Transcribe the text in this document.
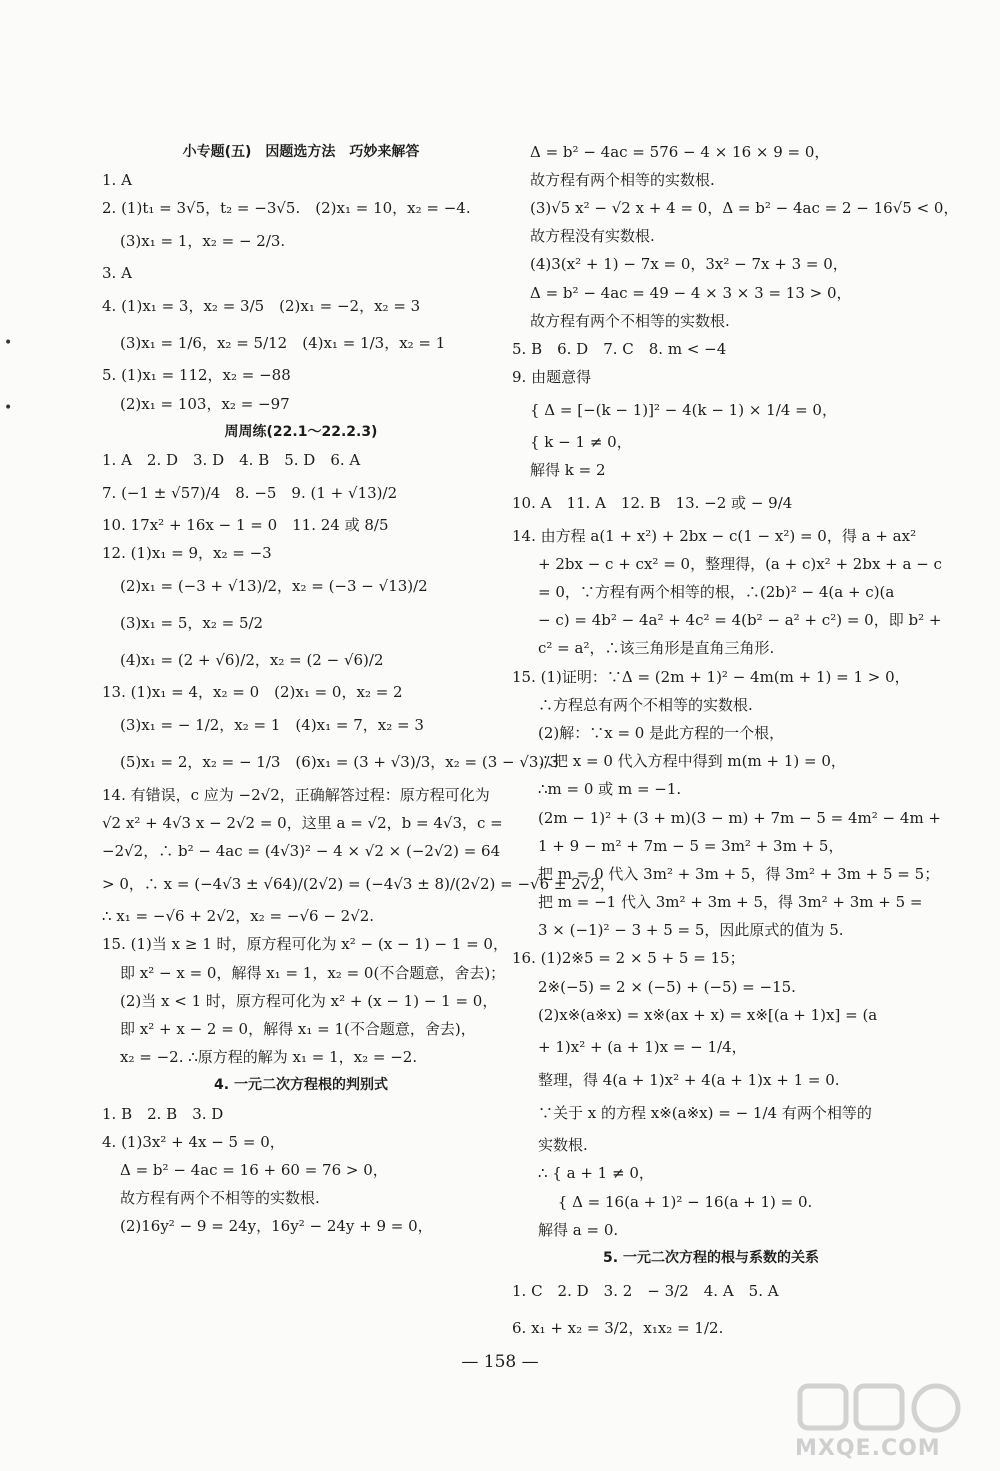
小专题(五)　因题选方法　巧妙来解答
1. A
2. (1)t₁ = 3√5，t₂ = −3√5.　(2)x₁ = 10，x₂ = −4.
(3)x₁ = 1，x₂ = − 2/3.
3. A
4. (1)x₁ = 3，x₂ = 3/5　(2)x₁ = −2，x₂ = 3
(3)x₁ = 1/6，x₂ = 5/12　(4)x₁ = 1/3，x₂ = 1
5. (1)x₁ = 112，x₂ = −88
(2)x₁ = 103，x₂ = −97
周周练(22.1～22.2.3)
1. A　2. D　3. D　4. B　5. D　6. A
7. (−1 ± √57)/4　8. −5　9. (1 + √13)/2
10. 17x² + 16x − 1 = 0　11. 24 或 8/5
12. (1)x₁ = 9，x₂ = −3
(2)x₁ = (−3 + √13)/2，x₂ = (−3 − √13)/2
(3)x₁ = 5，x₂ = 5/2
(4)x₁ = (2 + √6)/2，x₂ = (2 − √6)/2
13. (1)x₁ = 4，x₂ = 0　(2)x₁ = 0，x₂ = 2
(3)x₁ = − 1/2，x₂ = 1　(4)x₁ = 7，x₂ = 3
(5)x₁ = 2，x₂ = − 1/3　(6)x₁ = (3 + √3)/3，x₂ = (3 − √3)/3
14. 有错误，c 应为 −2√2，正确解答过程：原方程可化为
√2 x² + 4√3 x − 2√2 = 0，这里 a = √2，b = 4√3，c =
−2√2，∴ b² − 4ac = (4√3)² − 4 × √2 × (−2√2) = 64
> 0，∴ x = (−4√3 ± √64)/(2√2) = (−4√3 ± 8)/(2√2) = −√6 ± 2√2，
∴ x₁ = −√6 + 2√2，x₂ = −√6 − 2√2.
15. (1)当 x ≥ 1 时，原方程可化为 x² − (x − 1) − 1 = 0，
即 x² − x = 0，解得 x₁ = 1，x₂ = 0(不合题意，舍去)；
(2)当 x < 1 时，原方程可化为 x² + (x − 1) − 1 = 0，
即 x² + x − 2 = 0，解得 x₁ = 1(不合题意，舍去)，
x₂ = −2. ∴原方程的解为 x₁ = 1，x₂ = −2.
4. 一元二次方程根的判别式
1. B　2. B　3. D
4. (1)3x² + 4x − 5 = 0，
Δ = b² − 4ac = 16 + 60 = 76 > 0，
故方程有两个不相等的实数根.
(2)16y² − 9 = 24y，16y² − 24y + 9 = 0，
Δ = b² − 4ac = 576 − 4 × 16 × 9 = 0，
故方程有两个相等的实数根.
(3)√5 x² − √2 x + 4 = 0，Δ = b² − 4ac = 2 − 16√5 < 0，
故方程没有实数根.
(4)3(x² + 1) − 7x = 0，3x² − 7x + 3 = 0，
Δ = b² − 4ac = 49 − 4 × 3 × 3 = 13 > 0，
故方程有两个不相等的实数根.
5. B　6. D　7. C　8. m < −4
9. 由题意得
{ Δ = [−(k − 1)]² − 4(k − 1) × 1/4 = 0，
{ k − 1 ≠ 0，
解得 k = 2
10. A　11. A　12. B　13. −2 或 − 9/4
14. 由方程 a(1 + x²) + 2bx − c(1 − x²) = 0，得 a + ax²
+ 2bx − c + cx² = 0，整理得，(a + c)x² + 2bx + a − c
= 0，∵方程有两个相等的根，∴(2b)² − 4(a + c)(a
− c) = 4b² − 4a² + 4c² = 4(b² − a² + c²) = 0，即 b² +
c² = a²，∴该三角形是直角三角形.
15. (1)证明：∵Δ = (2m + 1)² − 4m(m + 1) = 1 > 0，
∴方程总有两个不相等的实数根.
(2)解：∵x = 0 是此方程的一个根，
∴把 x = 0 代入方程中得到 m(m + 1) = 0，
∴m = 0 或 m = −1.
(2m − 1)² + (3 + m)(3 − m) + 7m − 5 = 4m² − 4m +
1 + 9 − m² + 7m − 5 = 3m² + 3m + 5，
把 m = 0 代入 3m² + 3m + 5，得 3m² + 3m + 5 = 5；
把 m = −1 代入 3m² + 3m + 5，得 3m² + 3m + 5 =
3 × (−1)² − 3 + 5 = 5，因此原式的值为 5.
16. (1)2※5 = 2 × 5 + 5 = 15；
2※(−5) = 2 × (−5) + (−5) = −15.
(2)x※(a※x) = x※(ax + x) = x※[(a + 1)x] = (a
+ 1)x² + (a + 1)x = − 1/4，
整理，得 4(a + 1)x² + 4(a + 1)x + 1 = 0.
∵关于 x 的方程 x※(a※x) = − 1/4 有两个相等的
实数根.
∴ { a + 1 ≠ 0，
　 { Δ = 16(a + 1)² − 16(a + 1) = 0.
解得 a = 0.
5. 一元二次方程的根与系数的关系
1. C　2. D　3. 2　− 3/2　4. A　5. A
6. x₁ + x₂ = 3/2，x₁x₂ = 1/2.
•
•
— 158 —
MXQE.COM
